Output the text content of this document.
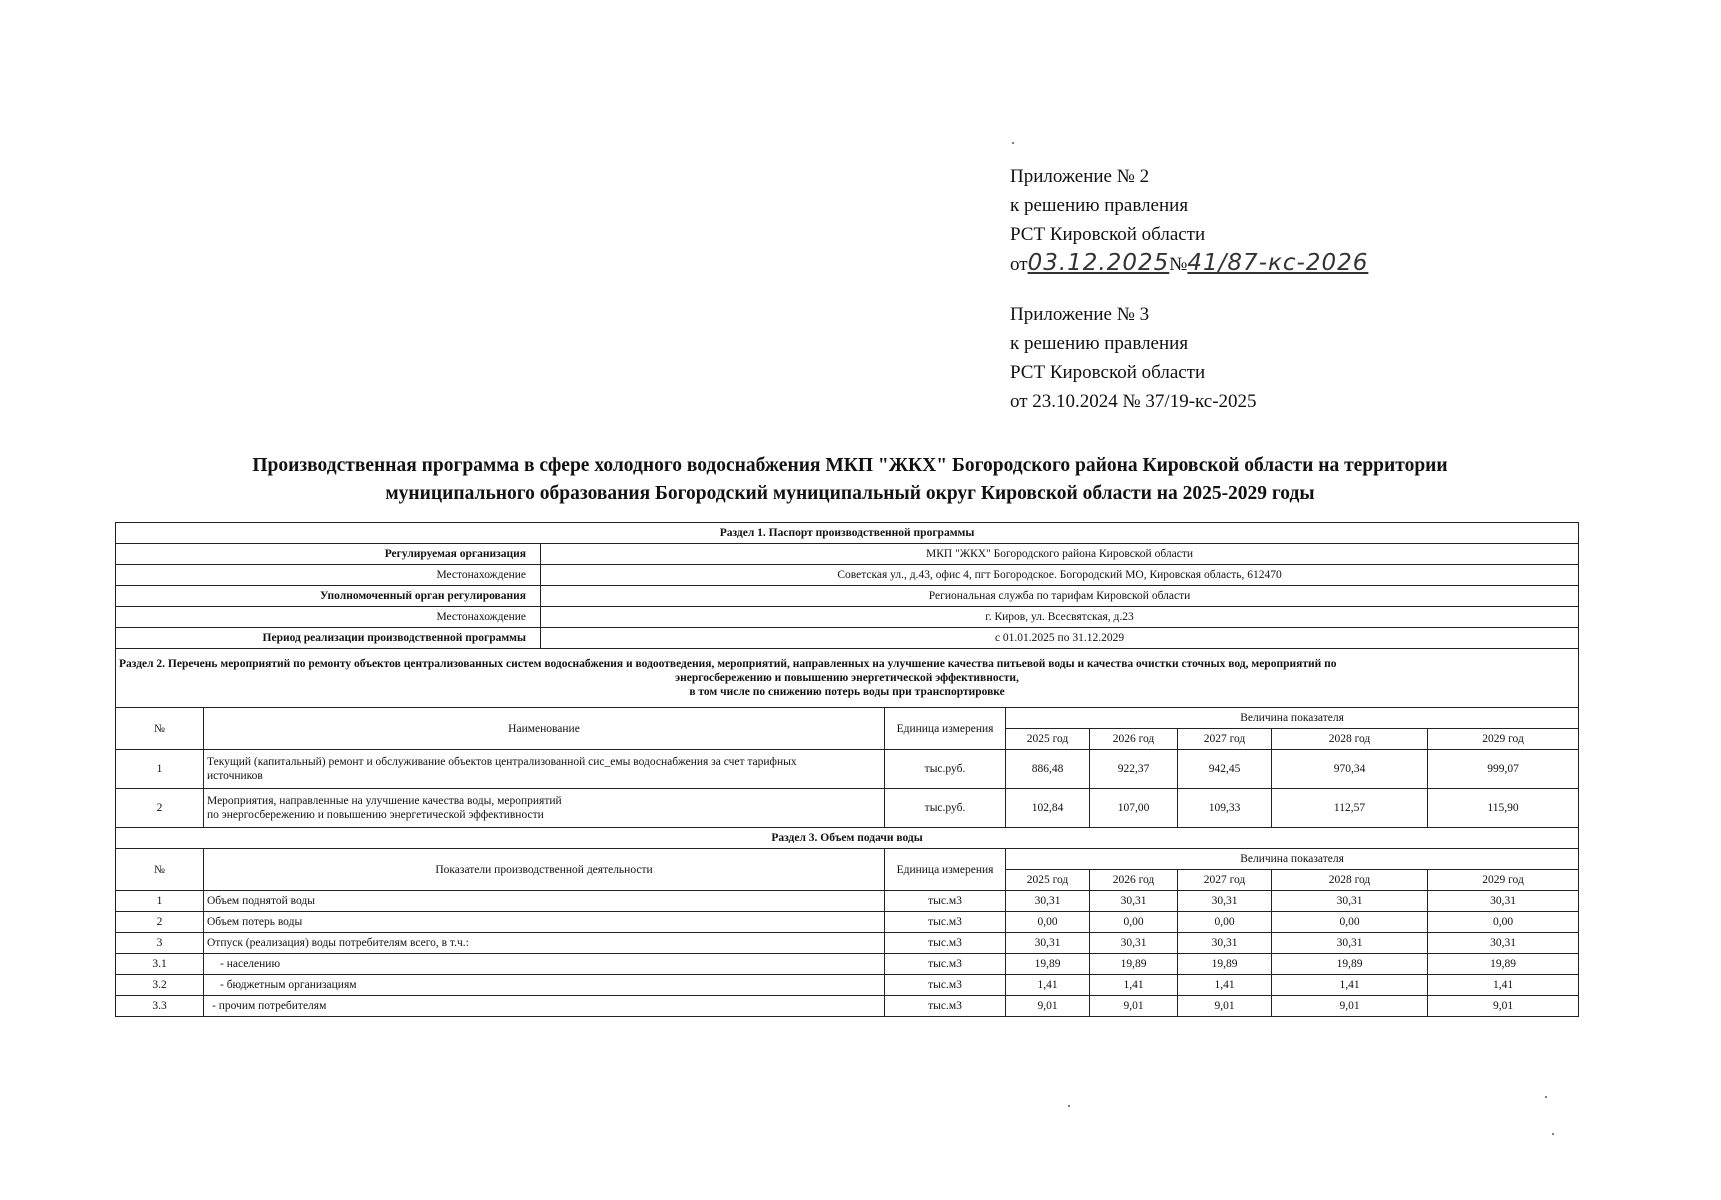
Приложение № 2
к решению правления
РСТ Кировской области
от03.12.2025№41/87-кс-2026
Приложение № 3
к решению правления
РСТ Кировской области
от 23.10.2024 № 37/19-кс-2025
Производственная программа в сфере холодного водоснабжения МКП "ЖКХ" Богородского района Кировской области на территории
муниципального образования Богородский муниципальный округ Кировской области на 2025-2029 годы
Раздел 1. Паспорт производственной программы								
Регулируемая организация		МКП "ЖКХ" Богородского района Кировской области						
Местонахождение		Советская ул., д.43, офис 4, пгт Богородское. Богородский МО, Кировская область, 612470						
Уполномоченный орган регулирования		Региональная служба по тарифам Кировской области						
Местонахождение		г. Киров, ул. Всесвятская, д.23						
Период реализации производственной программы		с 01.01.2025 по 31.12.2029						

Раздел 2. Перечень мероприятий по ремонту объектов централизованных систем водоснабжения и водоотведения, мероприятий, направленных на улучшение качества питьевой воды и качества очистки сточных вод, мероприятий по
энергосбережению и повышению энергетической эффективности,
в том числе по снижению потерь воды при транспортировке								

№	Наименование		Единица измерения	Величина показателя				
				2025 год	2026 год	2027 год	2028 год	2029 год
1	Текущий (капитальный) ремонт и обслуживание объектов централизованной сис_емы водоснабжения за счет тарифных источников		тыс.руб.	886,48	922,37	942,45	970,34	999,07
2	Мероприятия, направленные на улучшение качества воды, мероприятий
по энергосбережению и повышению энергетической эффективности		тыс.руб.	102,84	107,00	109,33	112,57	115,90
Раздел 3. Объем подачи воды								
№	Показатели производственной деятельности		Единица измерения	Величина показателя				
				2025 год	2026 год	2027 год	2028 год	2029 год
1	Объем поднятой воды		тыс.м3	30,31	30,31	30,31	30,31	30,31
2	Объем потерь воды		тыс.м3	0,00	0,00	0,00	0,00	0,00
3	Отпуск (реализация) воды потребителям всего, в т.ч.:		тыс.м3	30,31	30,31	30,31	30,31	30,31
3.1	- населению		тыс.м3	19,89	19,89	19,89	19,89	19,89
3.2	- бюджетным организациям		тыс.м3	1,41	1,41	1,41	1,41	1,41
3.3	- прочим потребителям		тыс.м3	9,01	9,01	9,01	9,01	9,01
